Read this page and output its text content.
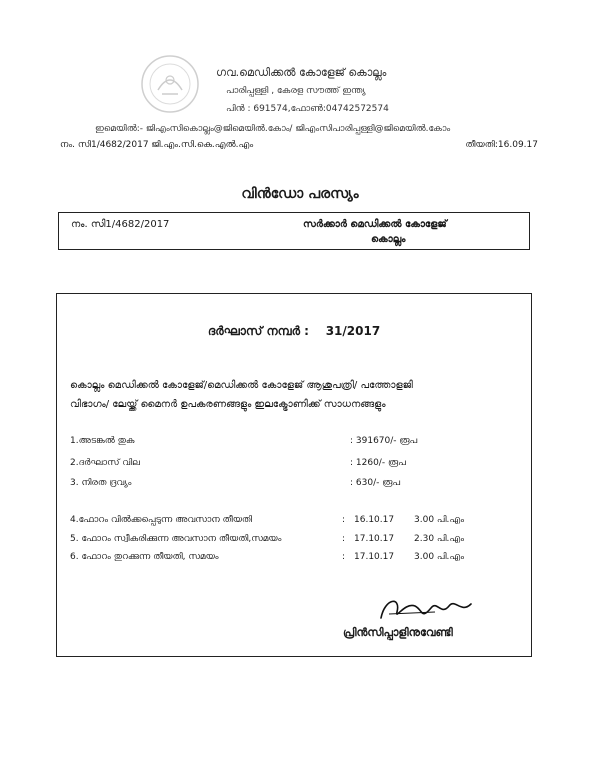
ഗവ.മെഡിക്കൽ കോളേജ് കൊല്ലം
പാരിപ്പള്ളി , കേരള സൗത്ത് ഇന്ത്യ
പിൻ : 691574,ഫോൺ:04742572574
ഇമെയിൽ:- ജിഎംസികൊല്ലം@ജിമെയിൽ.കോം/ ജിഎംസിപാരിപ്പള്ളി@ജിമെയിൽ.കോം
നം. സി1/4682/2017 ജി.എം.സി.കെ.എൽ.എം	തീയതി:16.09.17
വിൻഡോ പരസ്യം
നം. സി1/4682/2017	സർക്കാർ മെഡിക്കൽ കോളേജ്
കൊല്ലം
ദർഘാസ് നമ്പർ : 31/2017
കൊല്ലം മെഡിക്കൽ കോളേജ്/മെഡിക്കൽ കോളേജ് ആശുപത്രി/ പത്തോളജി
വിഭാഗം/ ലേയ്ക്ക് മൈനർ ഉപകരണങ്ങളും ഇലക്ട്രോണിക്ക് സാധനങ്ങളും
1.അടങ്കൽ തുക	: 391670/- രൂപ
2.ദർഘാസ് വില	: 1260/- രൂപ
3. നിരത ദ്രവ്യം	: 630/- രൂപ
4.ഫോറം വിൽക്കപ്പെടുന്ന അവസാന തീയതി	: 16.10.17 3.00 പി.എം
5. ഫോറം സ്വീകരിക്കുന്ന അവസാന തീയതി,സമയം	: 17.10.17 2.30 പി.എം
6. ഫോറം തുറക്കുന്ന തീയതി, സമയം	: 17.10.17 3.00 പി.എം
പ്രിൻസിപ്പാളിനുവേണ്ടി
